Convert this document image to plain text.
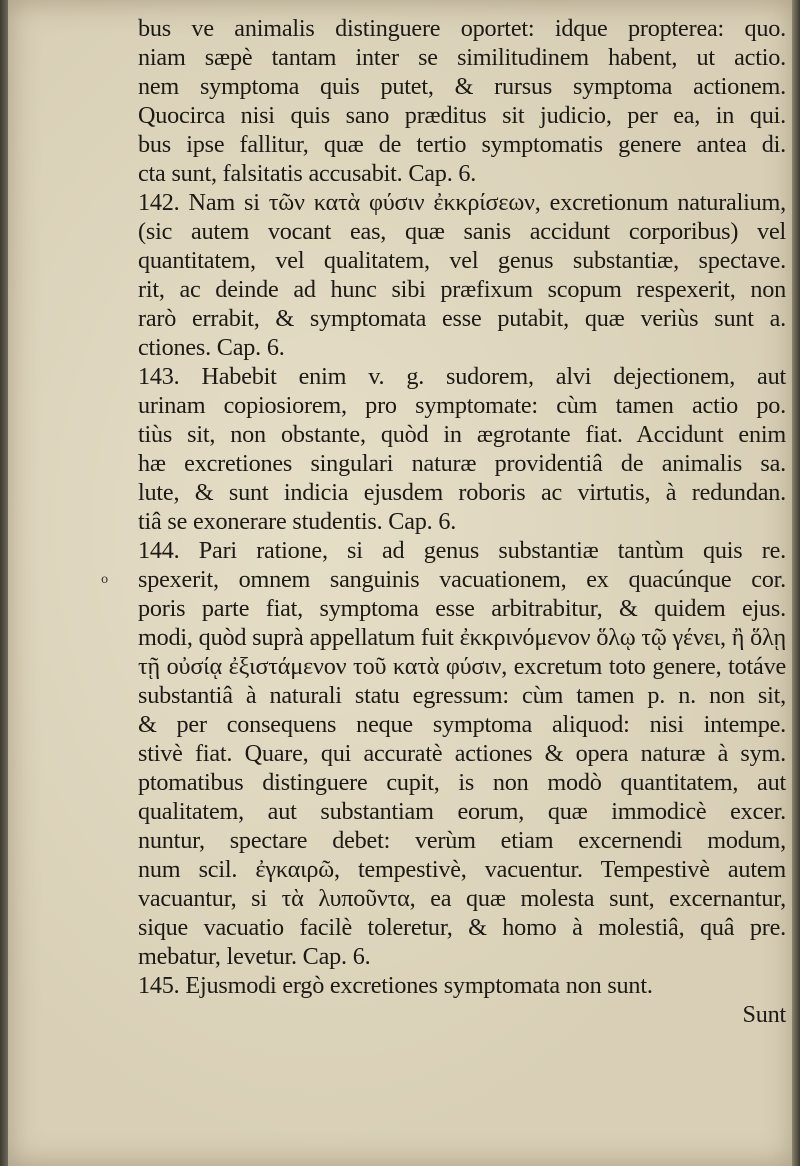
bus ve animalis distinguere oportet: idque propterea: quo.
niam sæpè tantam inter se similitudinem habent, ut actio.
nem symptoma quis putet, & rursus symptoma actionem.
Quocirca nisi quis sano præditus sit judicio, per ea, in qui.
bus ipse fallitur, quæ de tertio symptomatis genere antea di.
cta sunt, falsitatis accusabit. Cap. 6.
142. Nam si τῶν κατὰ φύσιν ἐκκρίσεων, excretionum naturalium,
(sic autem vocant eas, quæ sanis accidunt corporibus) vel
quantitatem, vel qualitatem, vel genus substantiæ, spectave.
rit, ac deinde ad hunc sibi præfixum scopum respexerit, non
rarò errabit, & symptomata esse putabit, quæ veriùs sunt a.
ctiones. Cap. 6.
143. Habebit enim v. g. sudorem, alvi dejectionem, aut
urinam copiosiorem, pro symptomate: cùm tamen actio po.
tiùs sit, non obstante, quòd in ægrotante fiat. Accidunt enim
hæ excretiones singulari naturæ providentiâ de animalis sa.
lute, & sunt indicia ejusdem roboris ac virtutis, à redundan.
tiâ se exonerare studentis. Cap. 6.
144. Pari ratione, si ad genus substantiæ tantùm quis re.
spexerit, omnem sanguinis vacuationem, ex quacúnque cor.
poris parte fiat, symptoma esse arbitrabitur, & quidem ejus.
modi, quòd suprà appellatum fuit ἐκκρινόμενον ὅλῳ τῷ γένει, ἢ ὅλῃ
τῇ οὐσίᾳ ἐξιστάμενον τοῦ κατὰ φύσιν, excretum toto genere, totáve
substantiâ à naturali statu egressum: cùm tamen p. n. non sit,
& per consequens neque symptoma aliquod: nisi intempe.
stivè fiat. Quare, qui accuratè actiones & opera naturæ à sym.
ptomatibus distinguere cupit, is non modò quantitatem, aut
qualitatem, aut substantiam eorum, quæ immodicè excer.
nuntur, spectare debet: verùm etiam excernendi modum,
num scil. ἐγκαιρῶ, tempestivè, vacuentur. Tempestivè autem
vacuantur, si τὰ λυποῦντα, ea quæ molesta sunt, excernantur,
sique vacuatio facilè toleretur, & homo à molestiâ, quâ pre.
mebatur, levetur. Cap. 6.
145. Ejusmodi ergò excretiones symptomata non sunt.
Sunt
o
